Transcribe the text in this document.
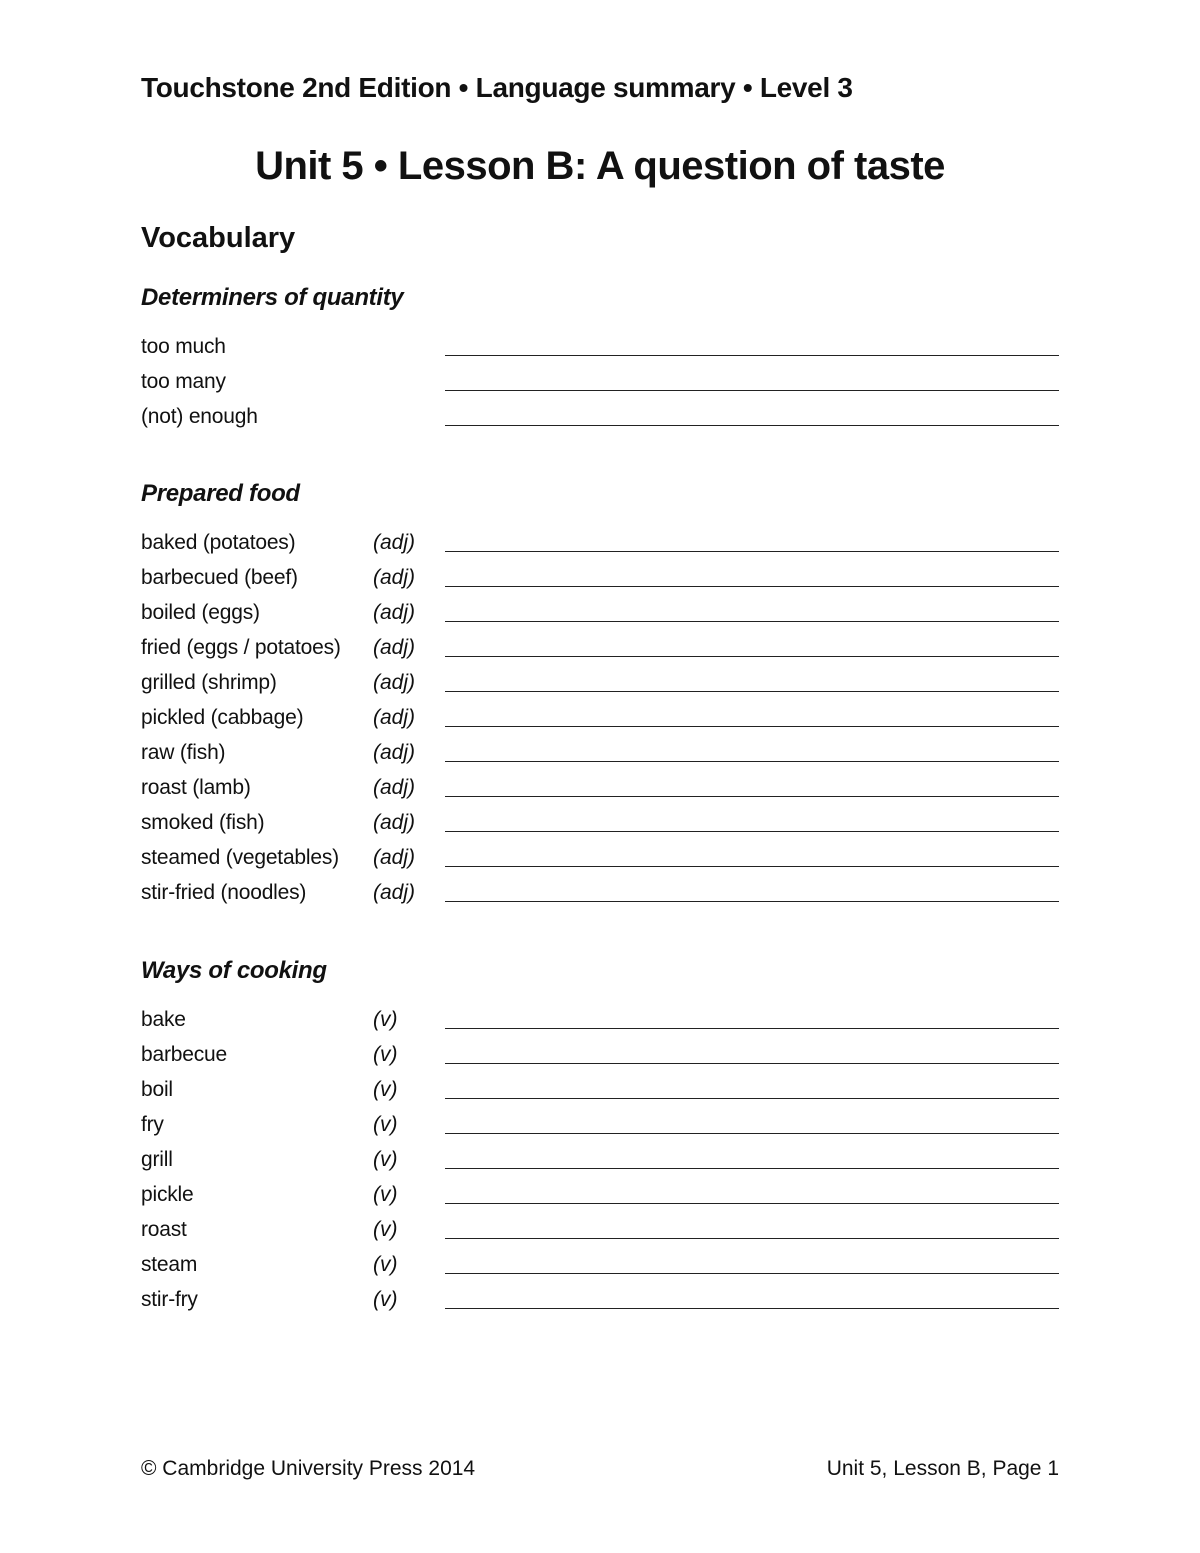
Touchstone 2nd Edition • Language summary • Level 3
Unit 5 • Lesson B: A question of taste
Vocabulary
Determiners of quantity
too much
too many
(not) enough
Prepared food
baked (potatoes)	(adj)
barbecued (beef)	(adj)
boiled (eggs)	(adj)
fried (eggs / potatoes) (adj)
grilled (shrimp)	(adj)
pickled (cabbage)	(adj)
raw (fish)	(adj)
roast (lamb)	(adj)
smoked (fish)	(adj)
steamed (vegetables) (adj)
stir-fried (noodles)	(adj)
Ways of cooking
bake	(v)
barbecue	(v)
boil	(v)
fry	(v)
grill	(v)
pickle	(v)
roast	(v)
steam	(v)
stir-fry	(v)
© Cambridge University Press 2014	Unit 5, Lesson B, Page 1
